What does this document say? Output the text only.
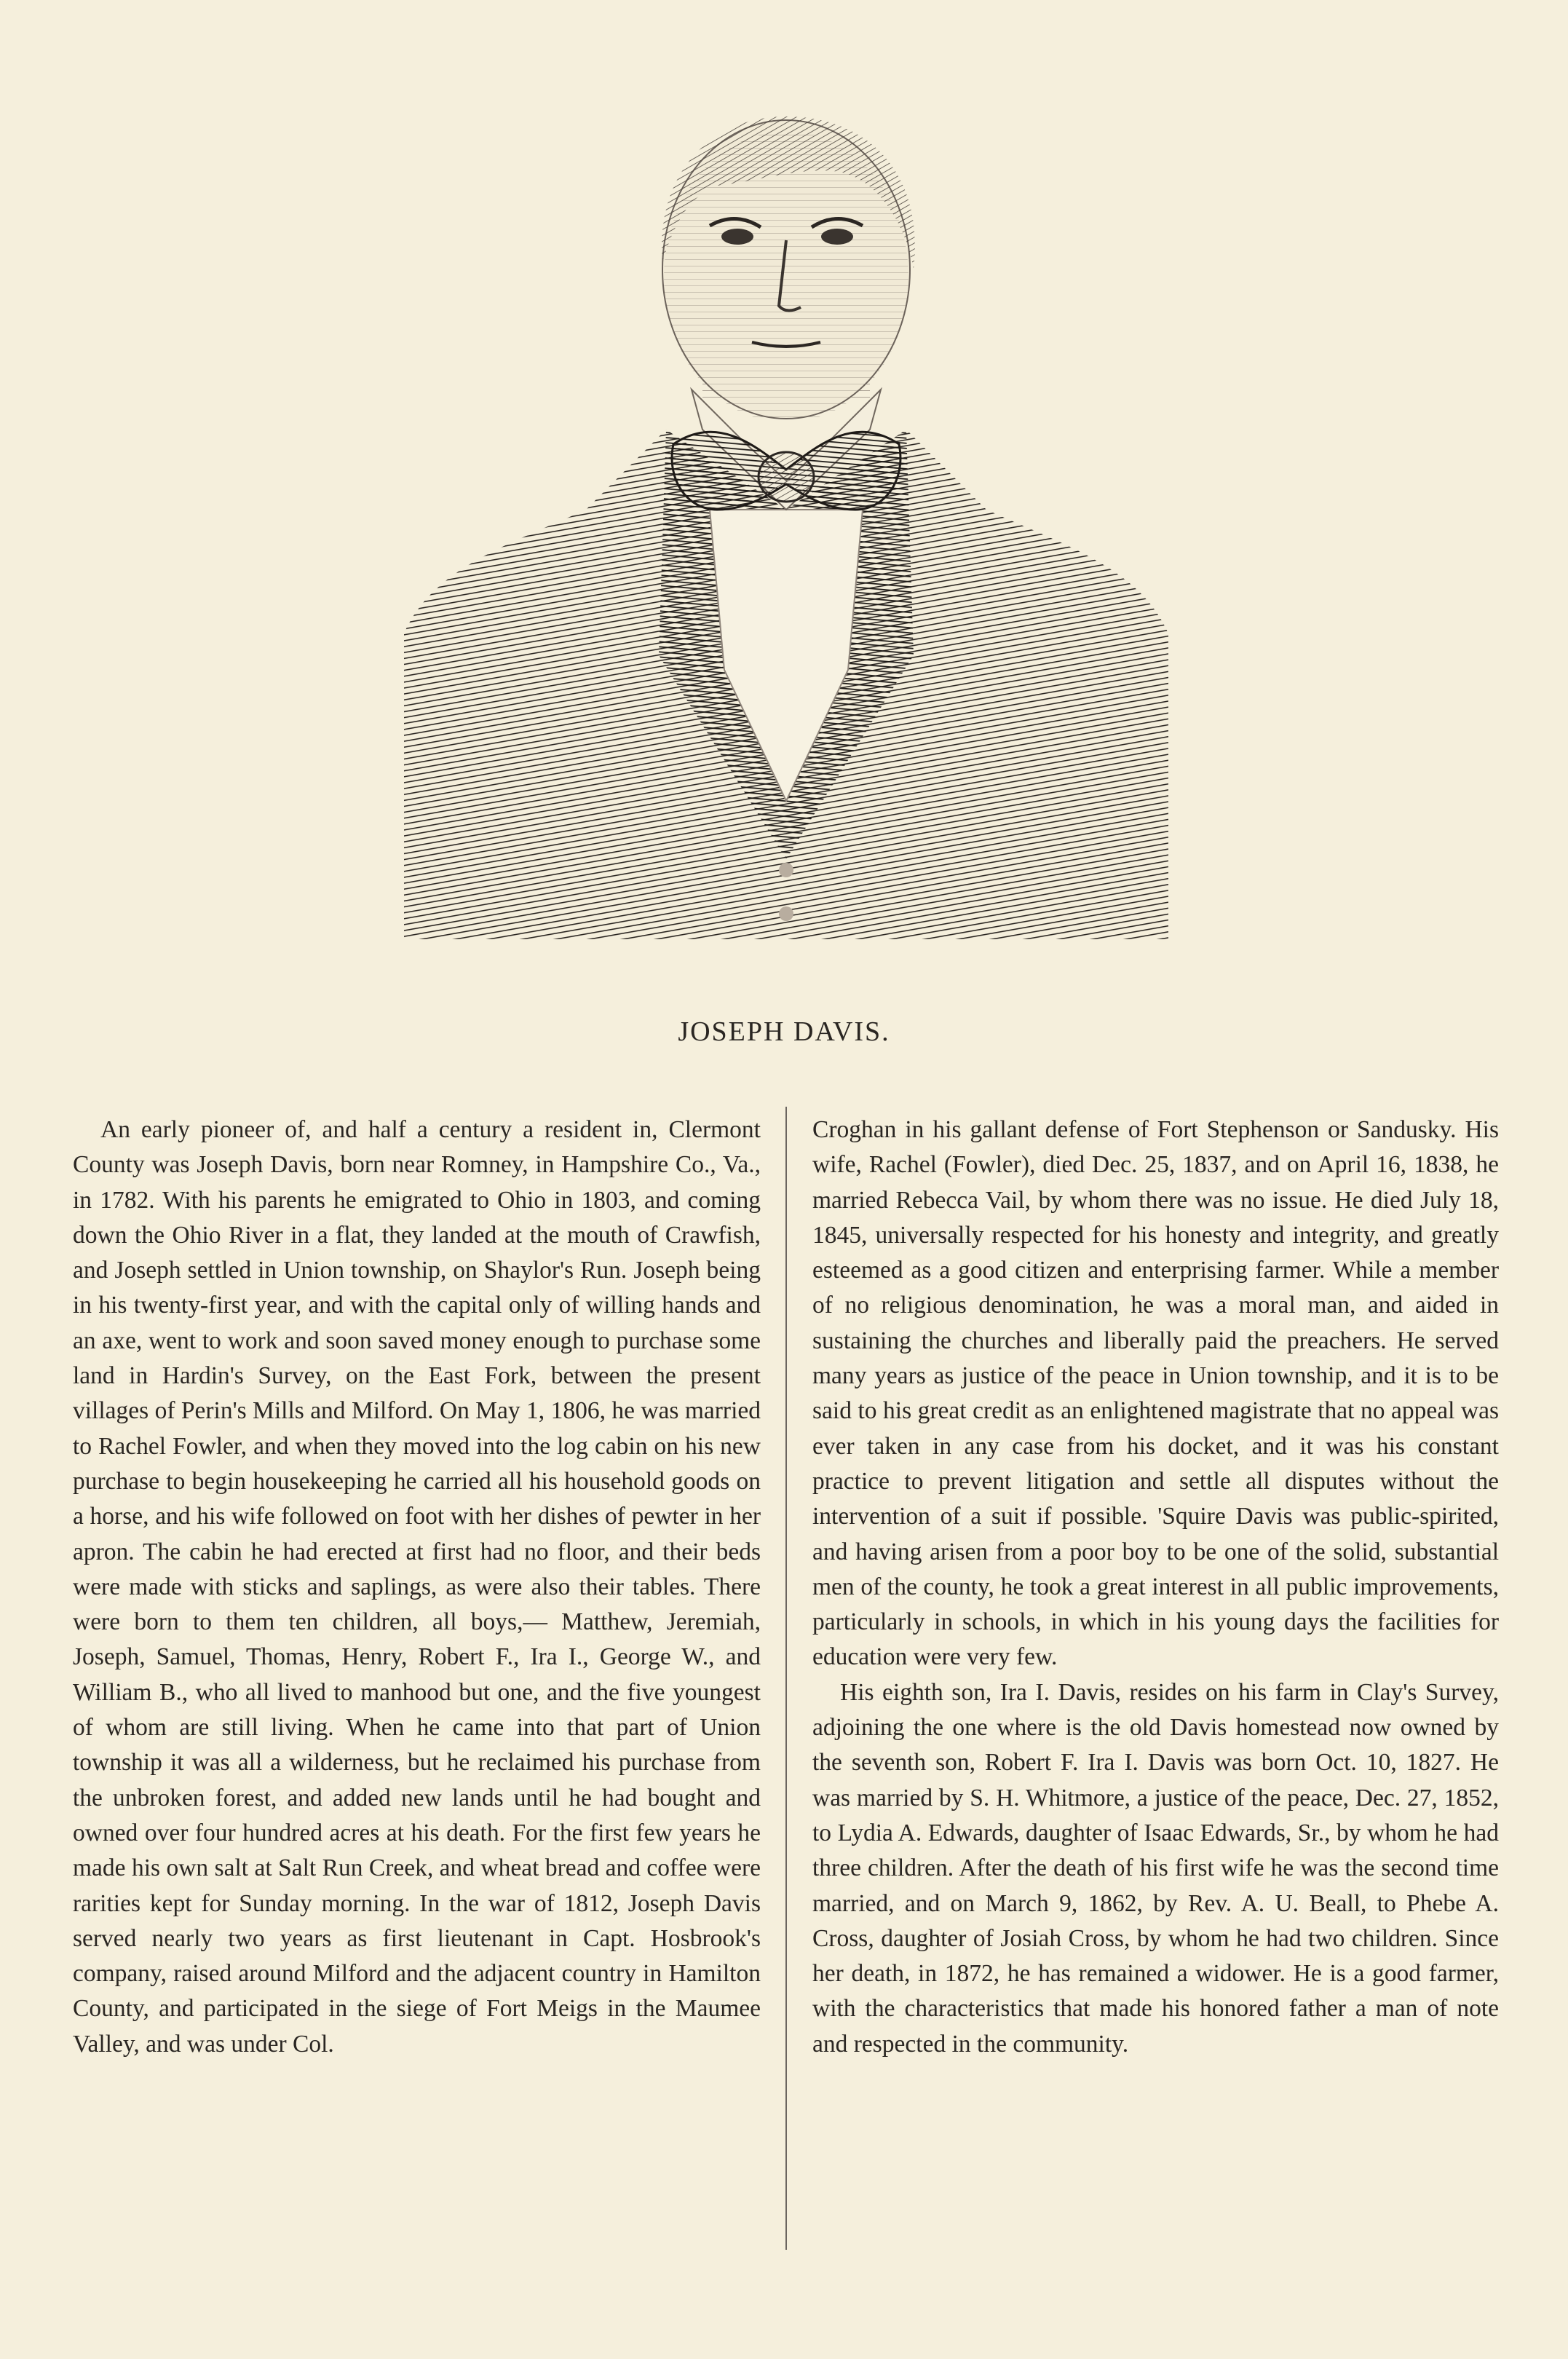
JOSEPH DAVIS.

An early pioneer of, and half a century a resident in, Clermont County was Joseph Davis, born near Romney, in Hampshire Co., Va., in 1782. With his parents he emigrated to Ohio in 1803, and coming down the Ohio River in a flat, they landed at the mouth of Crawfish, and Joseph settled in Union township, on Shaylor's Run. Joseph being in his twenty-first year, and with the capital only of willing hands and an axe, went to work and soon saved money enough to purchase some land in Hardin's Survey, on the East Fork, between the present villages of Perin's Mills and Milford. On May 1, 1806, he was married to Rachel Fowler, and when they moved into the log cabin on his new purchase to begin housekeeping he carried all his household goods on a horse, and his wife followed on foot with her dishes of pewter in her apron. The cabin he had erected at first had no floor, and their beds were made with sticks and saplings, as were also their tables. There were born to them ten children, all boys,— Matthew, Jeremiah, Joseph, Samuel, Thomas, Henry, Robert F., Ira I., George W., and William B., who all lived to manhood but one, and the five youngest of whom are still living. When he came into that part of Union township it was all a wilderness, but he reclaimed his purchase from the unbroken forest, and added new lands until he had bought and owned over four hundred acres at his death. For the first few years he made his own salt at Salt Run Creek, and wheat bread and coffee were rarities kept for Sunday morning. In the war of 1812, Joseph Davis served nearly two years as first lieutenant in Capt. Hosbrook's company, raised around Milford and the adjacent country in Hamilton County, and participated in the siege of Fort Meigs in the Maumee Valley, and was under Col.

Croghan in his gallant defense of Fort Stephenson or Sandusky. His wife, Rachel (Fowler), died Dec. 25, 1837, and on April 16, 1838, he married Rebecca Vail, by whom there was no issue. He died July 18, 1845, universally respected for his honesty and integrity, and greatly esteemed as a good citizen and enterprising farmer. While a member of no religious denomination, he was a moral man, and aided in sustaining the churches and liberally paid the preachers. He served many years as justice of the peace in Union township, and it is to be said to his great credit as an enlightened magistrate that no appeal was ever taken in any case from his docket, and it was his constant practice to prevent litigation and settle all disputes without the intervention of a suit if possible. 'Squire Davis was public-spirited, and having arisen from a poor boy to be one of the solid, substantial men of the county, he took a great interest in all public improvements, particularly in schools, in which in his young days the facilities for education were very few.

His eighth son, Ira I. Davis, resides on his farm in Clay's Survey, adjoining the one where is the old Davis homestead now owned by the seventh son, Robert F. Ira I. Davis was born Oct. 10, 1827. He was married by S. H. Whitmore, a justice of the peace, Dec. 27, 1852, to Lydia A. Edwards, daughter of Isaac Edwards, Sr., by whom he had three children. After the death of his first wife he was the second time married, and on March 9, 1862, by Rev. A. U. Beall, to Phebe A. Cross, daughter of Josiah Cross, by whom he had two children. Since her death, in 1872, he has remained a widower. He is a good farmer, with the characteristics that made his honored father a man of note and respected in the community.
